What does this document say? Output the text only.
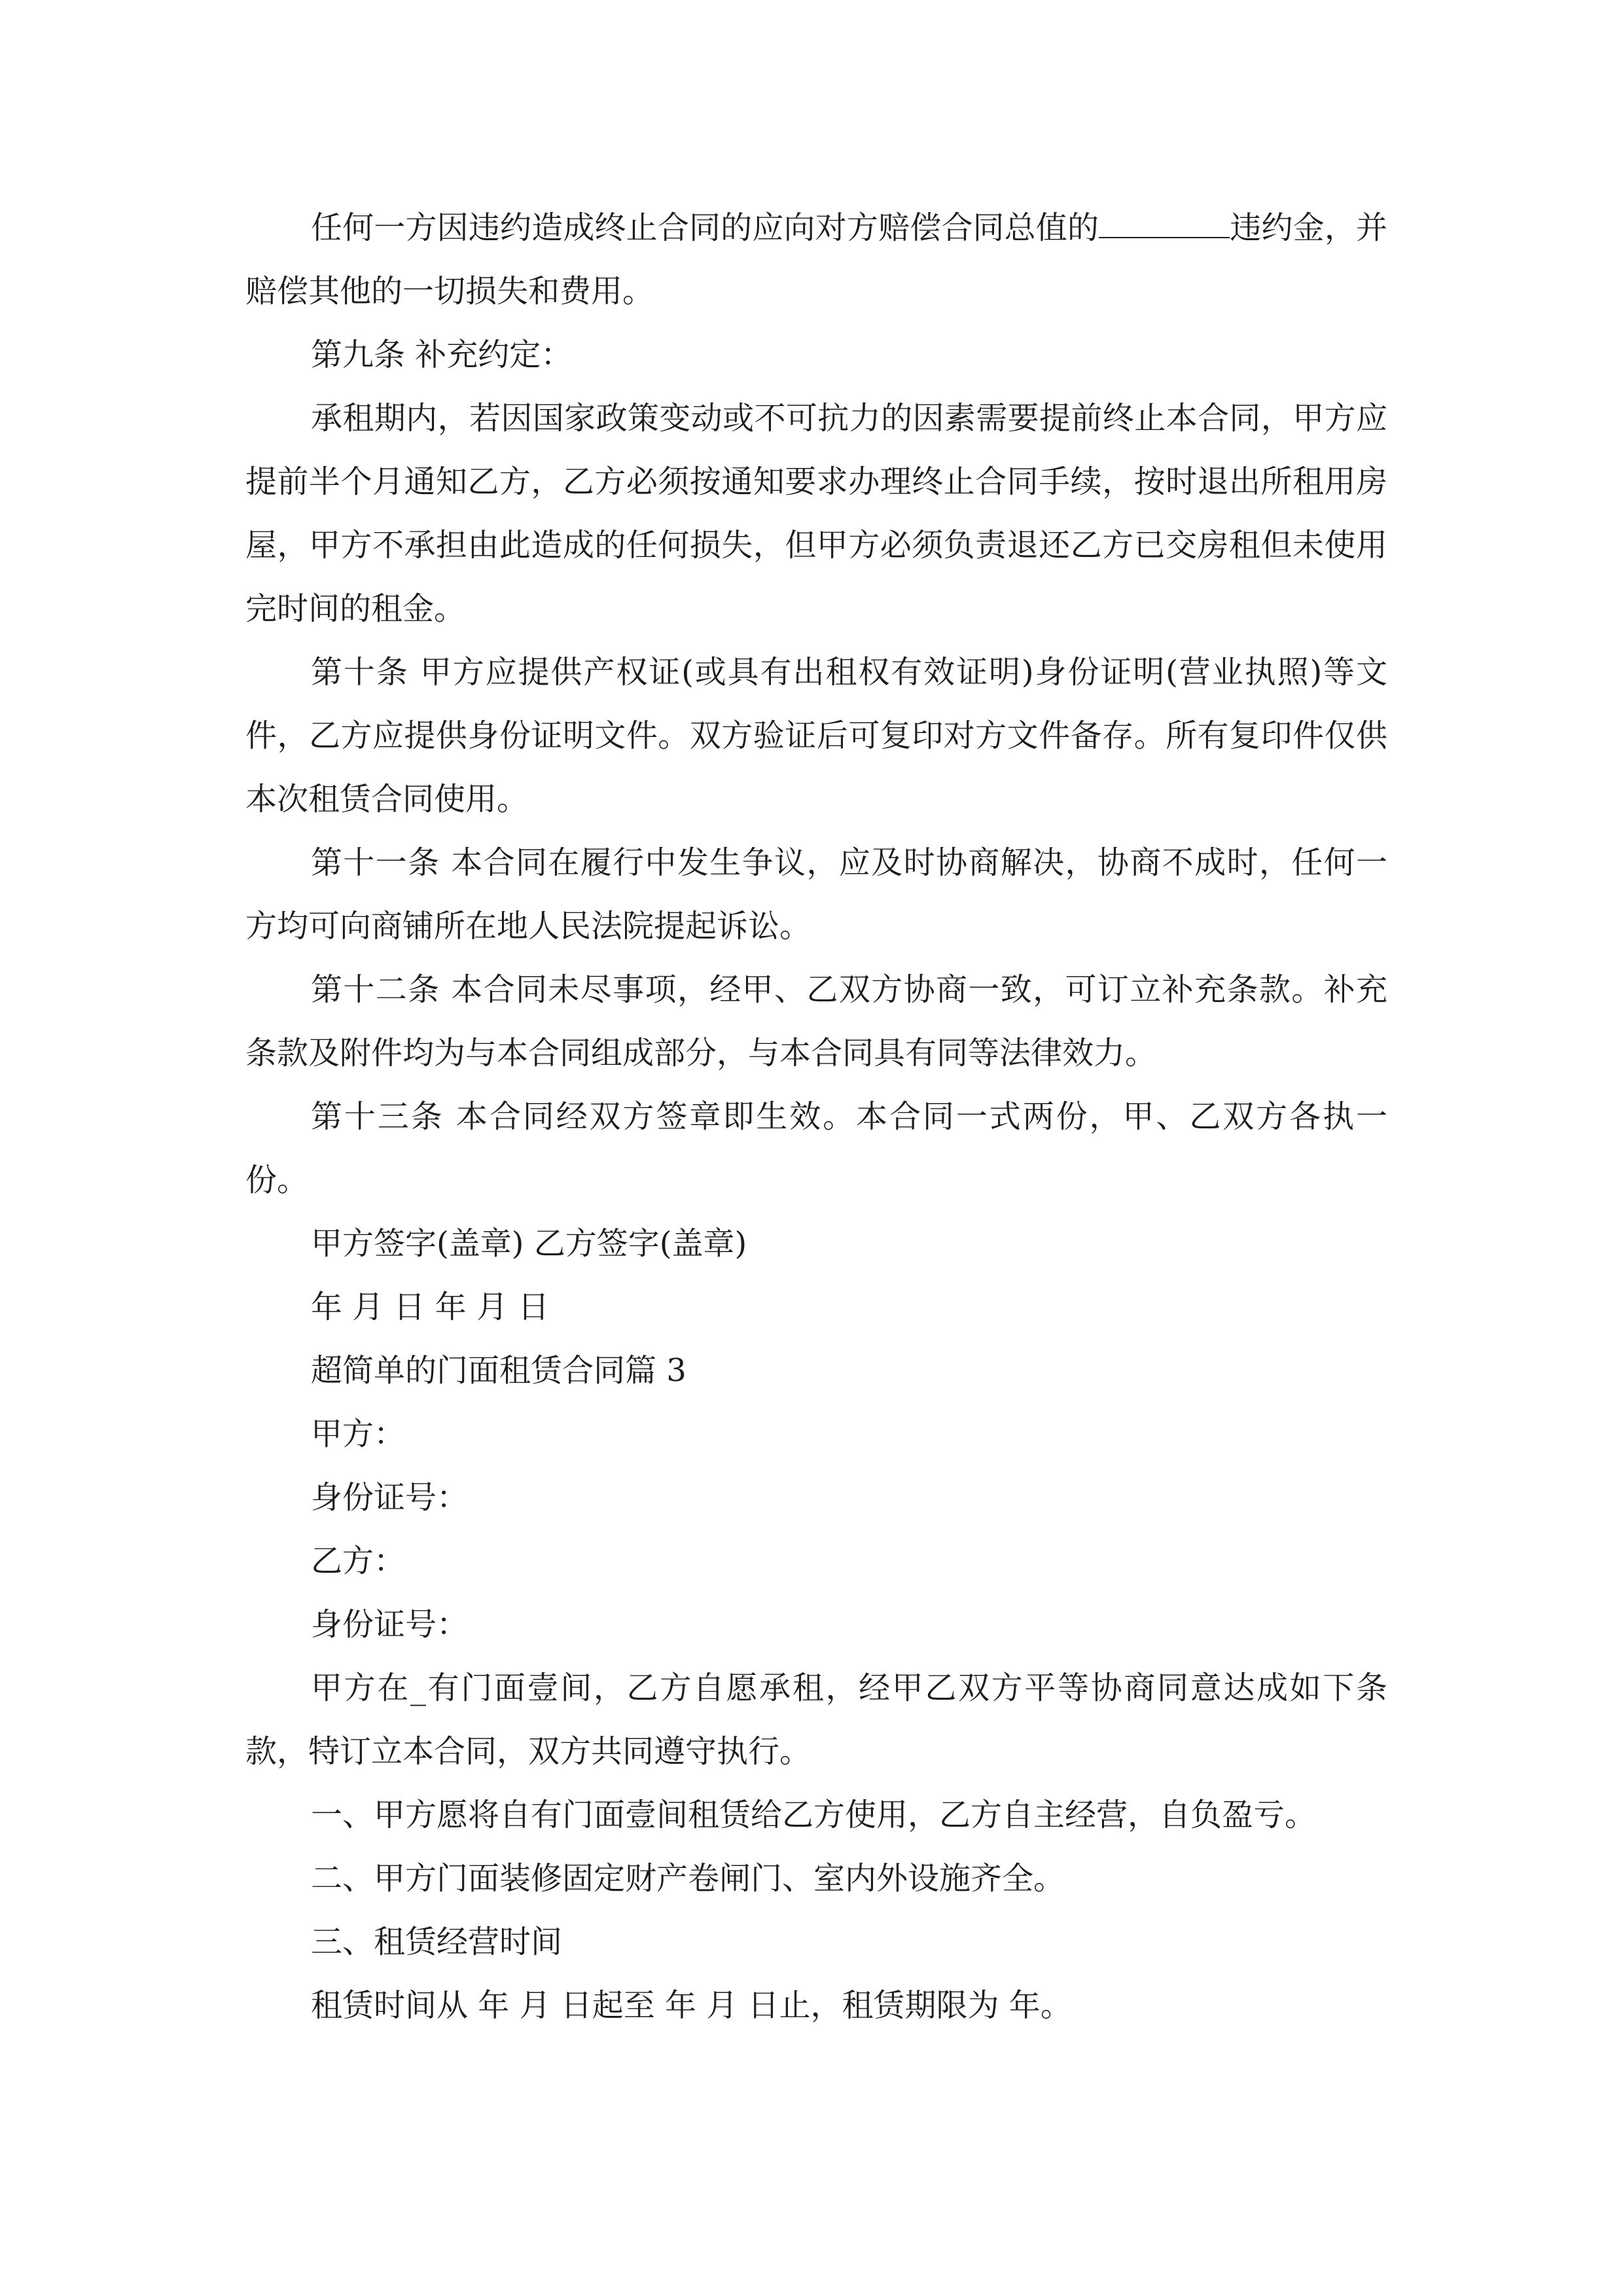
任何一方因违约造成终止合同的应向对方赔偿合同总值的	违约金，并赔偿其他的一切损失和费用。

第九条 补充约定：

承租期内，若因国家政策变动或不可抗力的因素需要提前终止本合同，甲方应提前半个月通知乙方，乙方必须按通知要求办理终止合同手续，按时退出所租用房屋，甲方不承担由此造成的任何损失，但甲方必须负责退还乙方已交房租但未使用完时间的租金。

第十条 甲方应提供产权证(或具有出租权有效证明)身份证明(营业执照)等文件，乙方应提供身份证明文件。双方验证后可复印对方文件备存。所有复印件仅供本次租赁合同使用。

第十一条 本合同在履行中发生争议，应及时协商解决，协商不成时，任何一方均可向商铺所在地人民法院提起诉讼。

第十二条 本合同未尽事项，经甲、乙双方协商一致，可订立补充条款。补充条款及附件均为与本合同组成部分，与本合同具有同等法律效力。

第十三条 本合同经双方签章即生效。本合同一式两份，甲、乙双方各执一份。

甲方签字(盖章) 乙方签字(盖章)

年 月 日 年 月 日

超简单的门面租赁合同篇 3

甲方：

身份证号：

乙方：

身份证号：

甲方在_有门面壹间，乙方自愿承租，经甲乙双方平等协商同意达成如下条款，特订立本合同，双方共同遵守执行。

一、甲方愿将自有门面壹间租赁给乙方使用，乙方自主经营，自负盈亏。

二、甲方门面装修固定财产卷闸门、室内外设施齐全。

三、租赁经营时间

租赁时间从 年 月 日起至 年 月 日止，租赁期限为 年。
